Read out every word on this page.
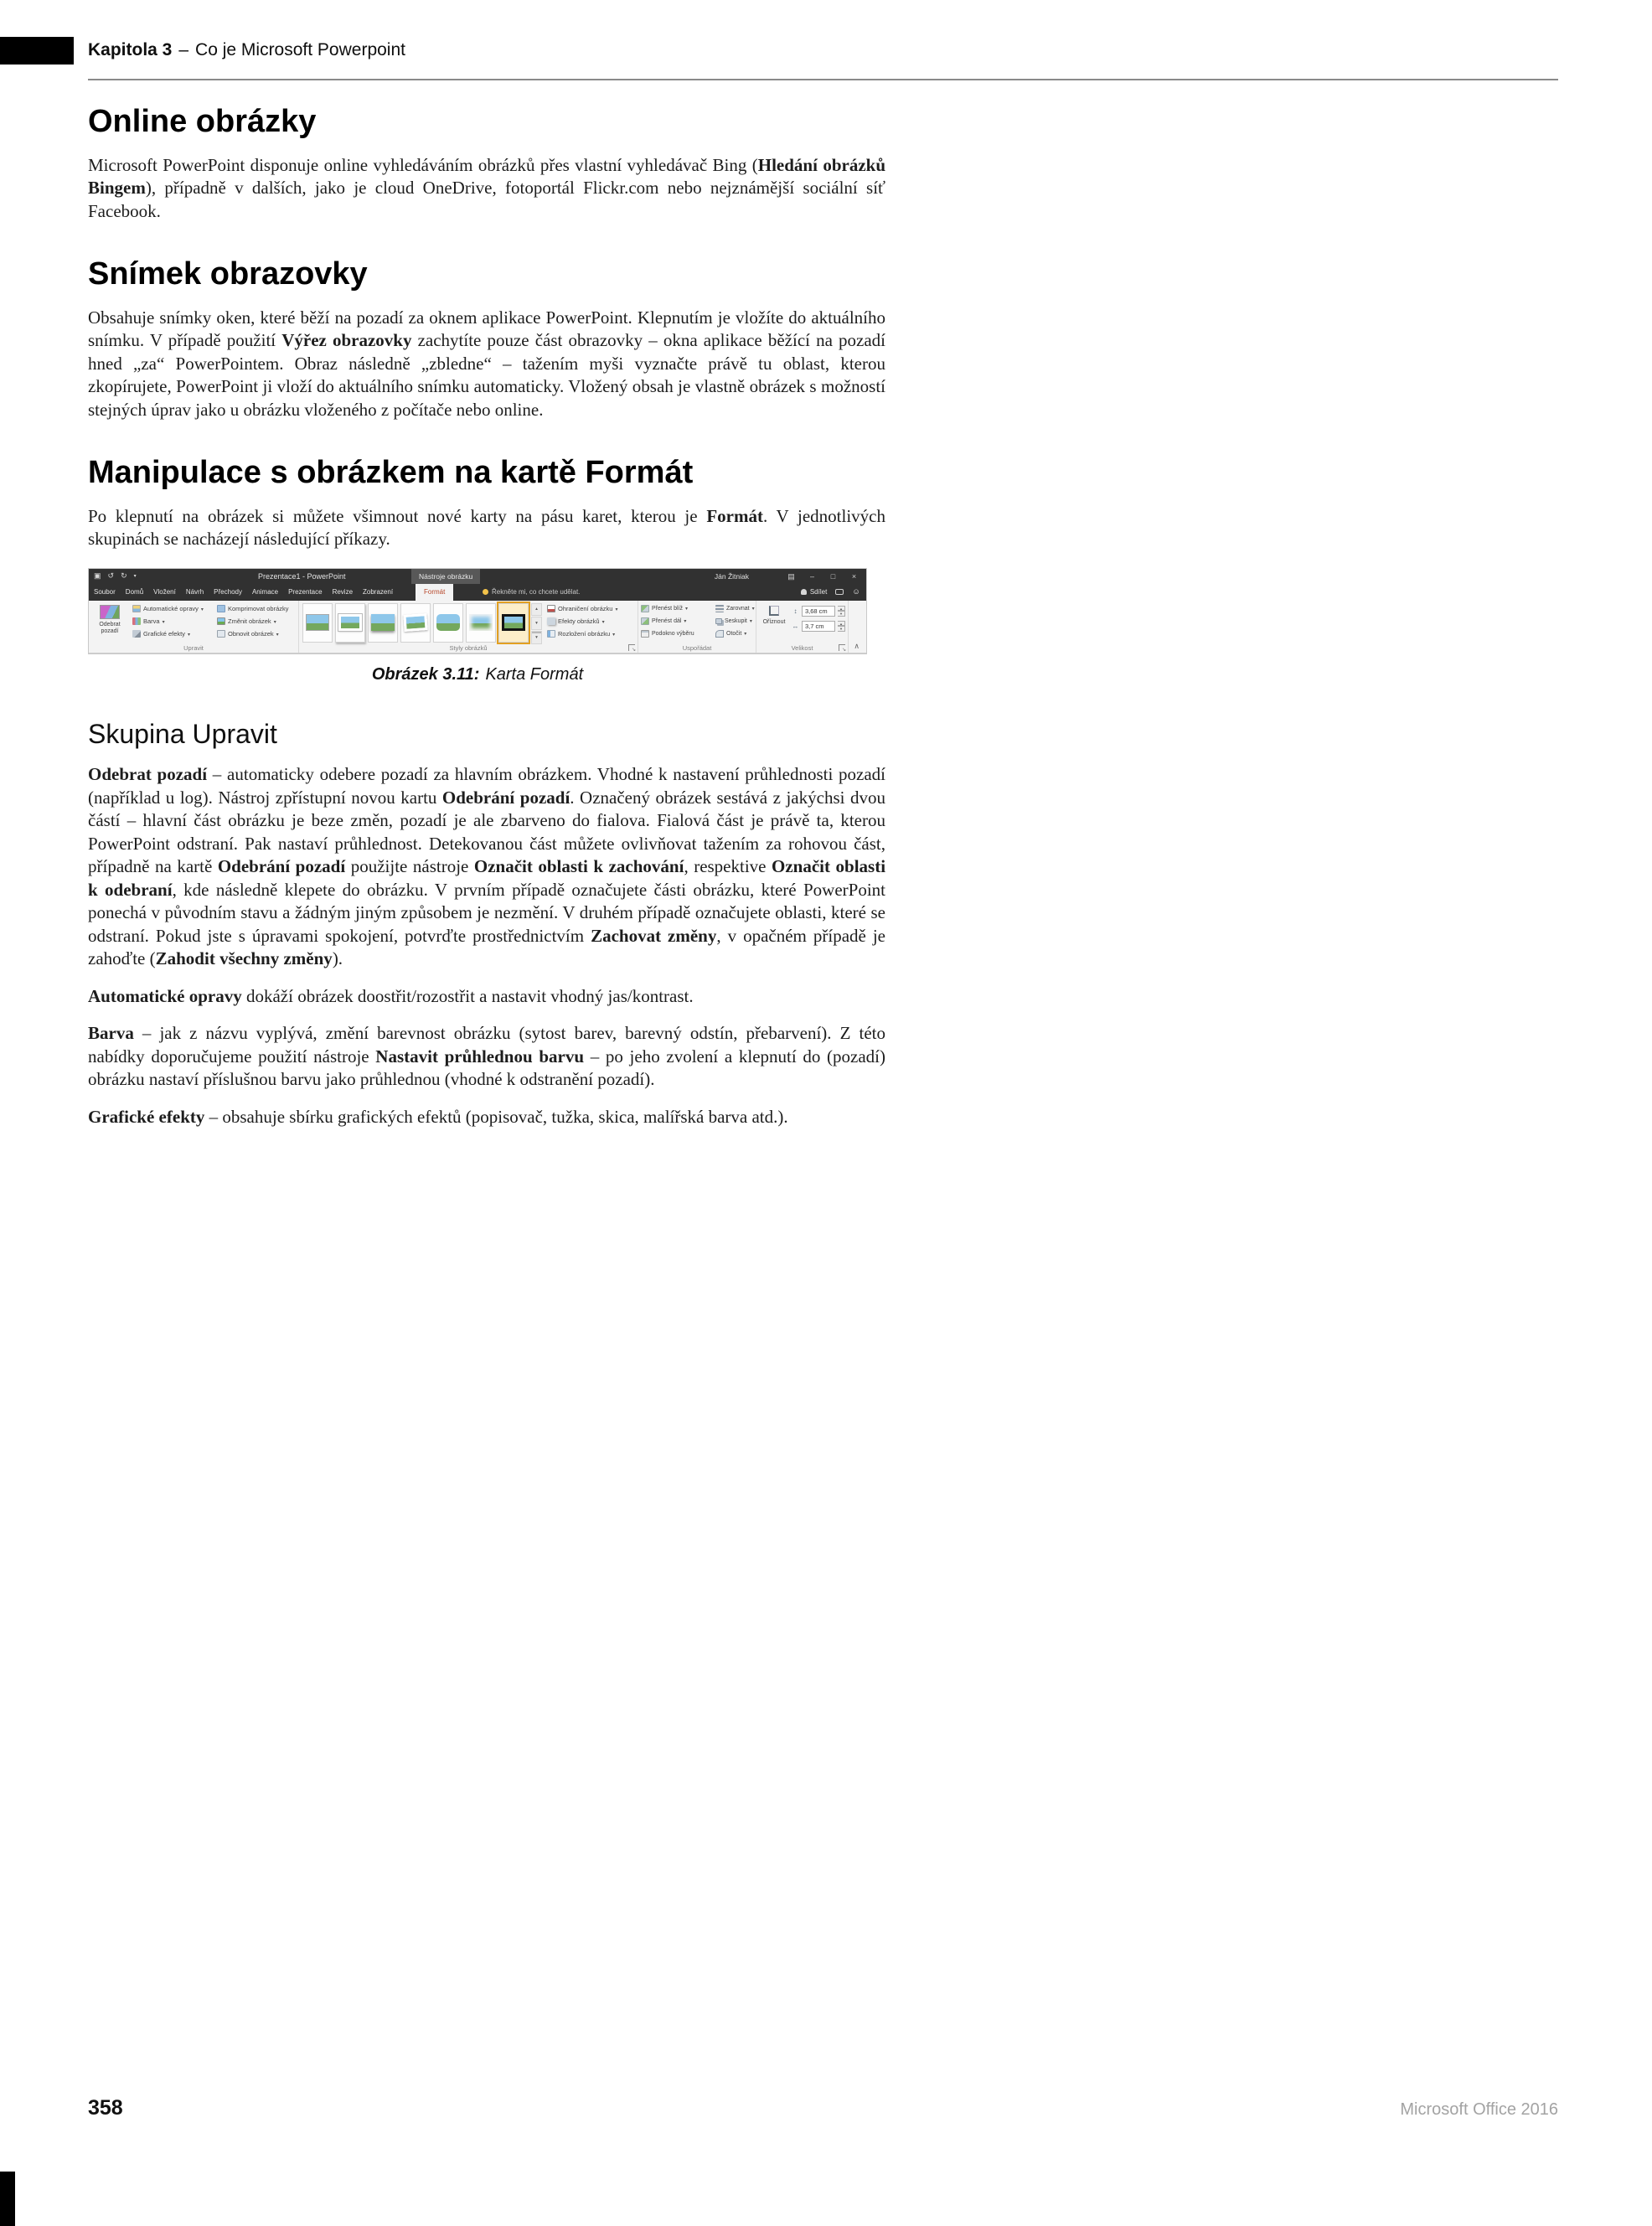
Kapitola 3 – Co je Microsoft Powerpoint
Online obrázky

Microsoft PowerPoint disponuje online vyhledáváním obrázků přes vlastní vyhledávač Bing (Hledání obrázků Bingem), případně v dalších, jako je cloud OneDrive, fotoportál Flickr.com nebo nejznámější sociální síť Facebook.

Snímek obrazovky

Obsahuje snímky oken, které běží na pozadí za oknem aplikace PowerPoint. Klepnutím je vložíte do aktuálního snímku. V případě použití Výřez obrazovky zachytíte pouze část obrazovky – okna aplikace běžící na pozadí hned „za“ PowerPointem. Obraz následně „zbledne“ – tažením myši vyznačte právě tu oblast, kterou zkopírujete, PowerPoint ji vloží do aktuálního snímku automaticky. Vložený obsah je vlastně obrázek s možností stejných úprav jako u obrázku vloženého z počítače nebo online.

Manipulace s obrázkem na kartě Formát

Po klepnutí na obrázek si můžete všimnout nové karty na pásu karet, kterou je Formát. V jednotlivých skupinách se nacházejí následující příkazy.

▣ ↺ ↻ ▾	Prezentace1 - PowerPoint	Nástroje obrázku	Ján Žitniak	▤	–	□	×
Soubor	Domů	Vložení	Návrh	Přechody	Animace	Prezentace	Revize	Zobrazení	Formát	Řekněte mi, co chcete udělat.	Sdílet	☺
Odebrat pozadí
Automatické opravy
▾
Barva
▾
Grafické efekty
▾
Komprimovat obrázky
Změnit obrázek
▾
Obnovit obrázek
▾
Upravit
▴
▾
▾
Ohraničení obrázku
▾
Efekty obrázků
▾
Rozložení obrázku
▾
Styly obrázků
↘
Přenést blíž
▾
Přenést dál
▾
Podokno výběru
Zarovnat
▾
Seskupit
▾
Otočit
▾
Uspořádat
Oříznout
↕	3,68 cm	▴
▾
↔	3,7 cm	▴
▾
Velikost ↘	∧
Obrázek 3.11: Karta Formát
Skupina Upravit

Odebrat pozadí – automaticky odebere pozadí za hlavním obrázkem. Vhodné k nastavení průhlednosti pozadí (například u log). Nástroj zpřístupní novou kartu Odebrání pozadí. Označený obrázek sestává z jakýchsi dvou částí – hlavní část obrázku je beze změn, pozadí je ale zbarveno do fialova. Fialová část je právě ta, kterou PowerPoint odstraní. Pak nastaví průhlednost. Detekovanou část můžete ovlivňovat tažením za rohovou část, případně na kartě Odebrání pozadí použijte nástroje Označit oblasti k zachování, respektive Označit oblasti k odebraní, kde následně klepete do obrázku. V prvním případě označujete části obrázku, které PowerPoint ponechá v původním stavu a žádným jiným způsobem je nezmění. V druhém případě označujete oblasti, které se odstraní. Pokud jste s úpravami spokojení, potvrďte prostřednictvím Zachovat změny, v opačném případě je zahoďte (Zahodit všechny změny).

Automatické opravy dokáží obrázek doostřit/rozostřit a nastavit vhodný jas/kontrast.

Barva – jak z názvu vyplývá, změní barevnost obrázku (sytost barev, barevný odstín, přebarvení). Z této nabídky doporučujeme použití nástroje Nastavit průhlednou barvu – po jeho zvolení a klepnutí do (pozadí) obrázku nastaví příslušnou barvu jako průhlednou (vhodné k odstranění pozadí).

Grafické efekty – obsahuje sbírku grafických efektů (popisovač, tužka, skica, malířská barva atd.).

358	Microsoft Office 2016
